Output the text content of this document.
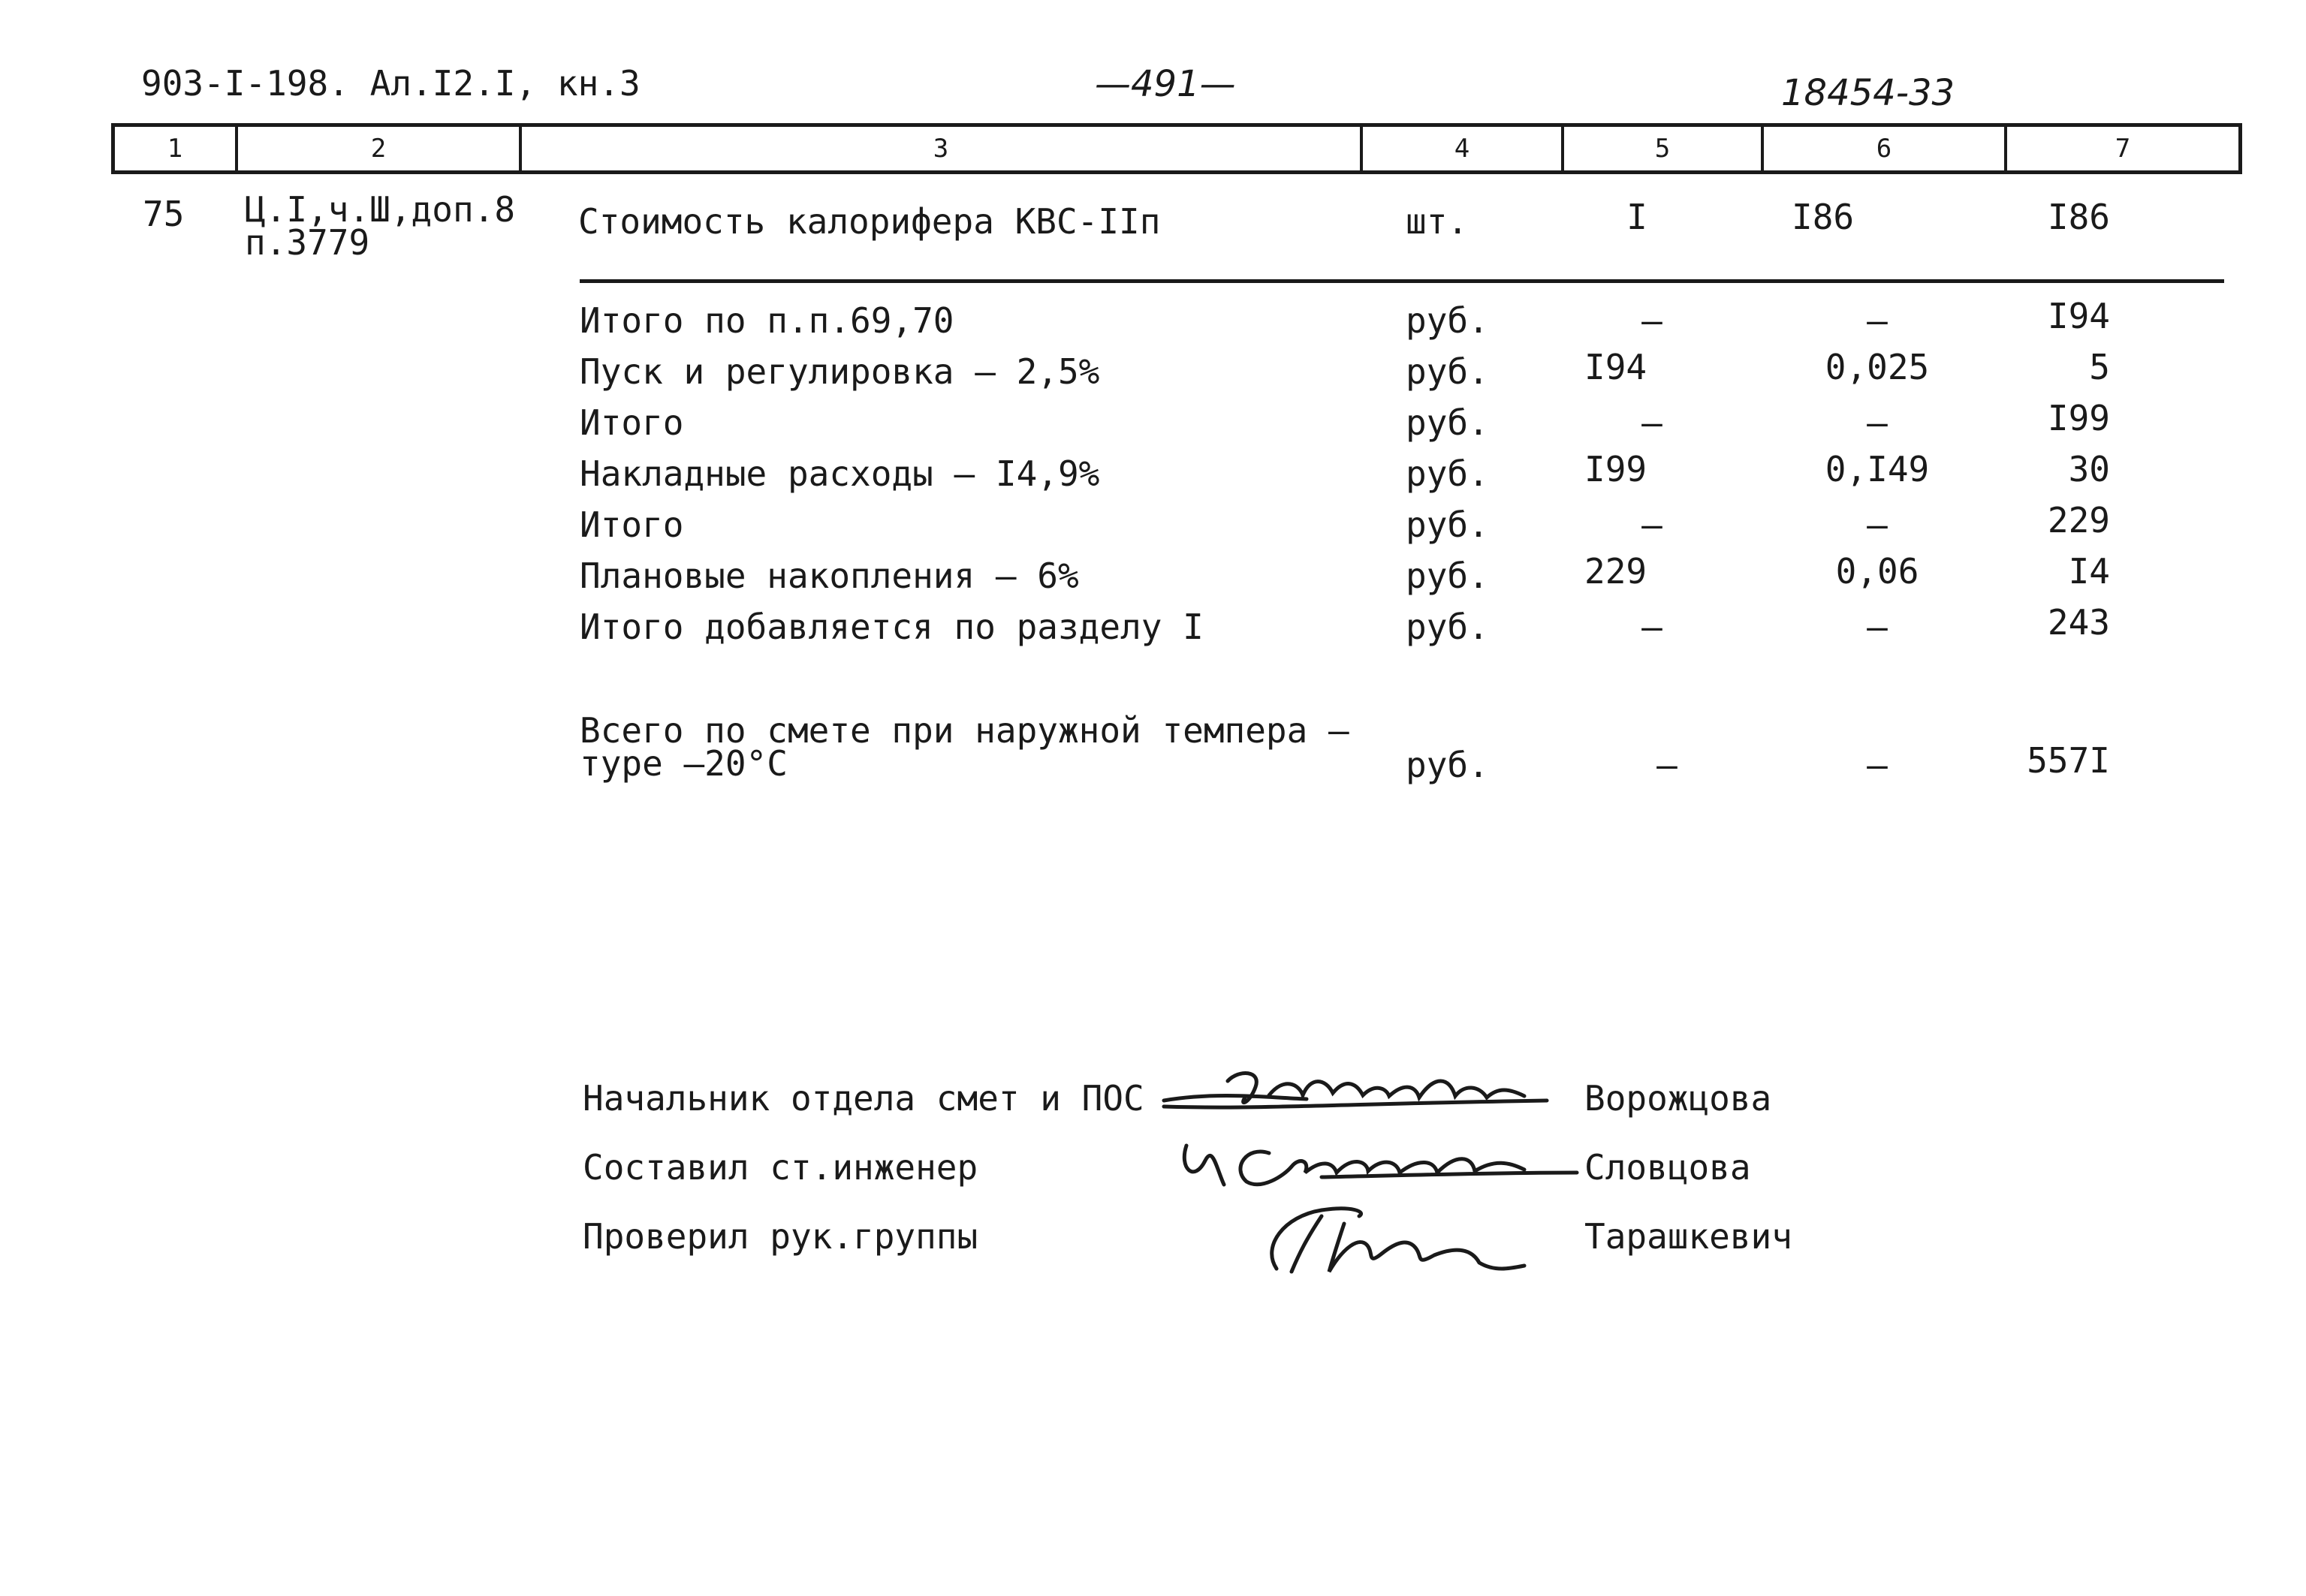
903-I-198. Ал.I2.I, кн.3	—491—	18454-33
1	2	3	4	5	6	7
75 Ц.I,ч.Ш,доп.8
п.3779
Стоимость калорифера КВС-IIп	шт.	I	I86	I86
Итого по п.п.69,70	руб.	–	–	I94
Пуск и регулировка – 2,5%	руб.	I94	0,025	5
Итого	руб.	–	–	I99
Накладные расходы – I4,9%	руб.	I99	0,I49	30
Итого	руб.	–	–	229
Плановые накопления – 6%	руб.	229	0,06	I4
Итого добавляется по разделу I	руб.	–	–	243
Всего по смете при наружной темпера –
туре –20°С	руб.	–	–	557I
Начальник отдела смет и ПОС	Ворожцова
Составил ст.инженер	Словцова
Проверил рук.группы	Тарашкевич
